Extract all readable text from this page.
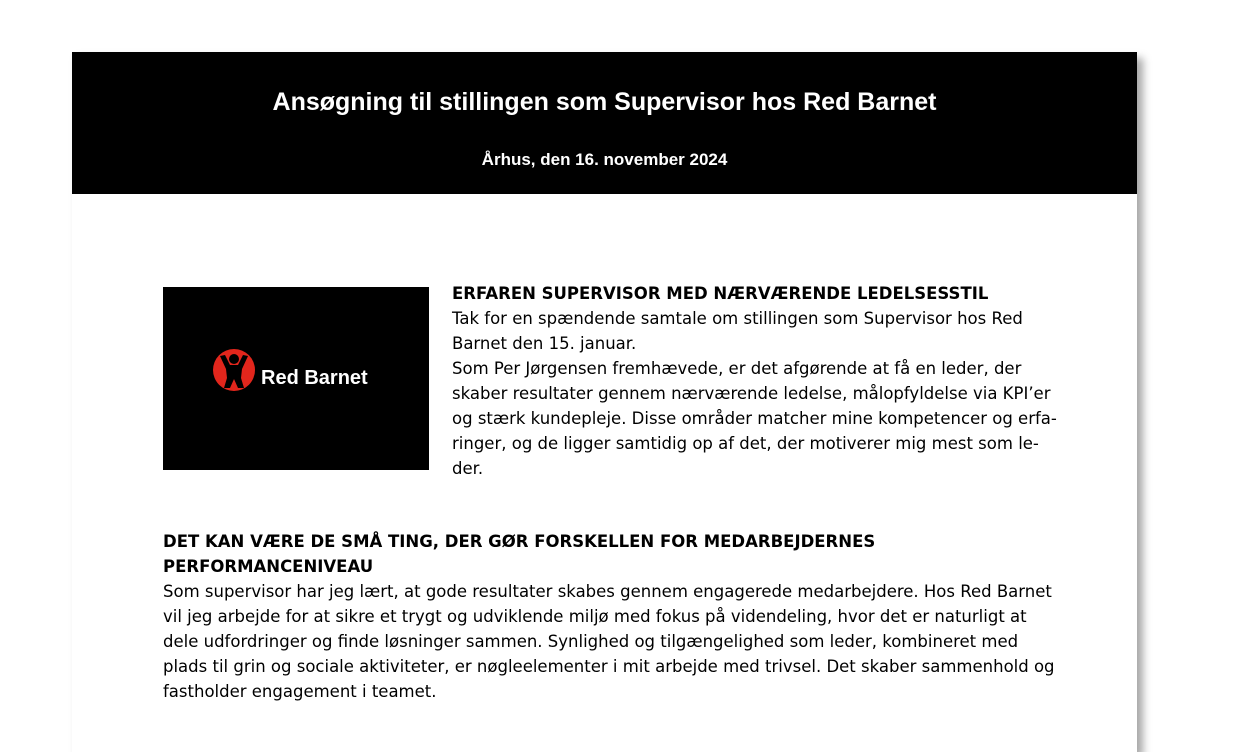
Ansøgning til stillingen som Supervisor hos Red Barnet
Århus, den 16. november 2024
Red Barnet
ERFAREN SUPERVISOR MED NÆRVÆRENDE LEDELSESSTIL
Tak for en spændende samtale om stillingen som Supervisor hos Red
Barnet den 15. januar.
Som Per Jørgensen fremhævede, er det afgørende at få en leder, der
skaber resultater gennem nærværende ledelse, målopfyldelse via KPI’er
og stærk kundepleje. Disse områder matcher mine kompetencer og erfa-
ringer, og de ligger samtidig op af det, der motiverer mig mest som le-
der.
DET KAN VÆRE DE SMÅ TING, DER GØR FORSKELLEN FOR MEDARBEJDERNES PERFORMANCENIVEAU
Som supervisor har jeg lært, at gode resultater skabes gennem engagerede medarbejdere. Hos Red Barnet
vil jeg arbejde for at sikre et trygt og udviklende miljø med fokus på videndeling, hvor det er naturligt at
dele udfordringer og finde løsninger sammen. Synlighed og tilgængelighed som leder, kombineret med
plads til grin og sociale aktiviteter, er nøgleelementer i mit arbejde med trivsel. Det skaber sammenhold og
fastholder engagement i teamet.
